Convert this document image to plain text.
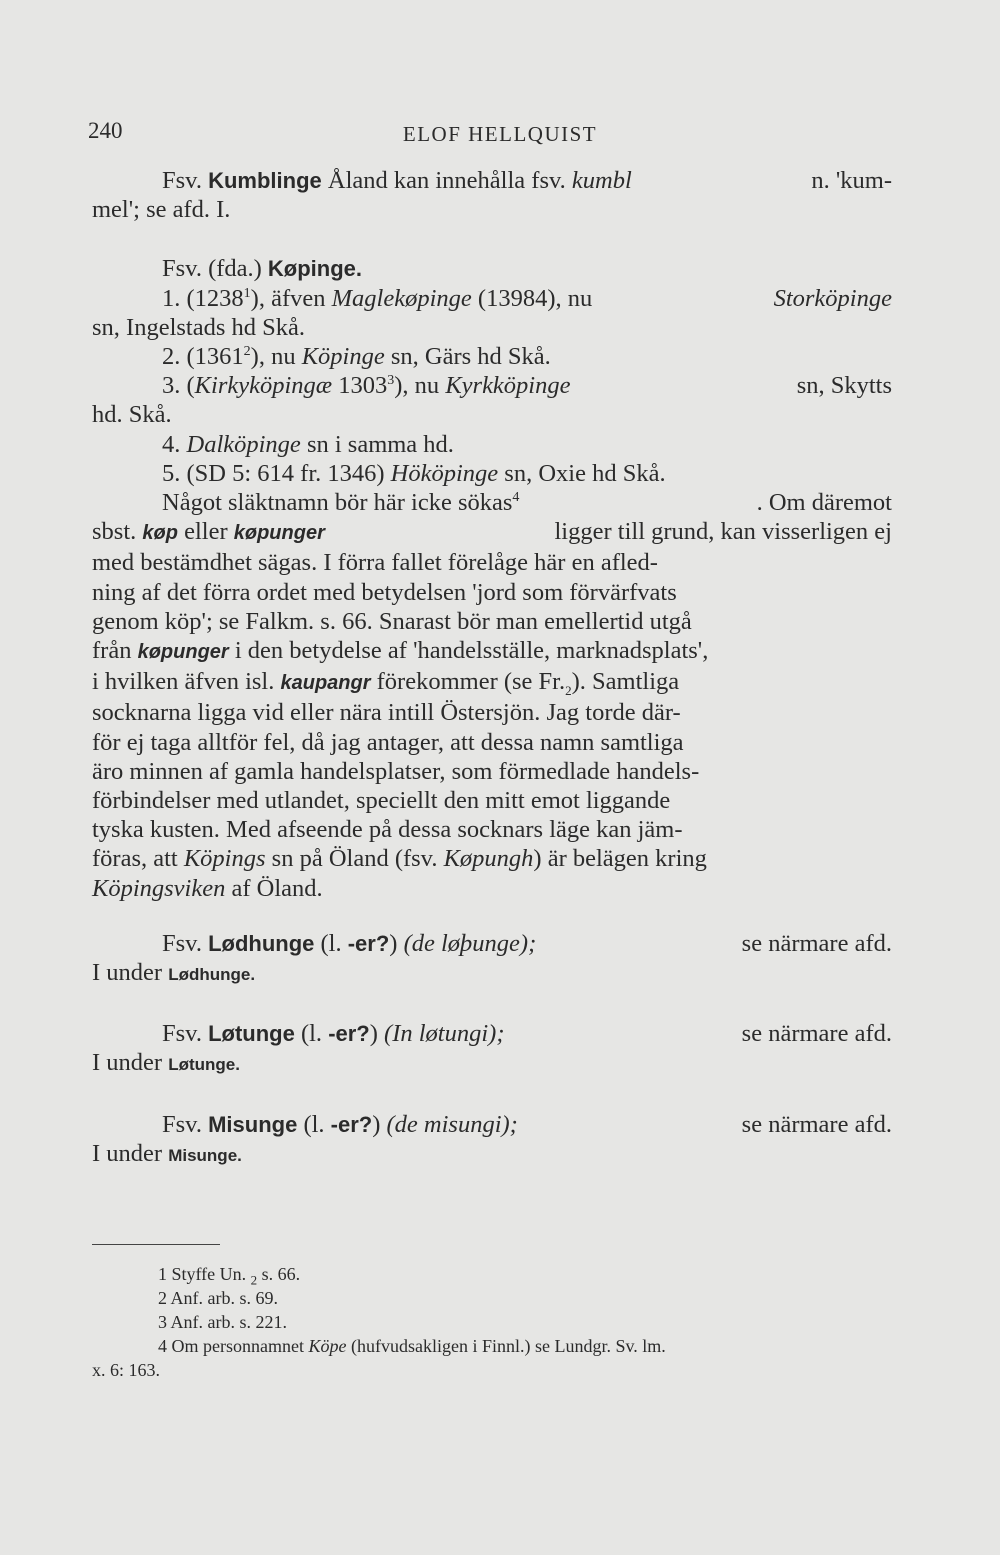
240	ELOF HELLQUIST
Fsv. Kumblinge Åland kan innehålla fsv. kumbl	n. 'kum-
mel'; se afd. I.
Fsv. (fda.) Køpinge.
1. (1238$^1$), äfven Maglekøpinge (13984), nu	Storköpinge
sn, Ingelstads hd Skå.
2. (1361$^2$), nu Köpinge sn, Gärs hd Skå.
3. (Kirkyköpingæ 1303$^3$), nu Kyrkköpinge	sn, Skytts
hd. Skå.
4. Dalköpinge sn i samma hd.
5. (SD 5: 614 fr. 1346) Hököpinge sn, Oxie hd Skå.
Något släktnamn bör här icke sökas$^4$	. Om däremot
sbst. køp eller køpunger	ligger till grund, kan visserligen ej
med bestämdhet sägas. I förra fallet förelåge här en afled-
ning af det förra ordet med betydelsen 'jord som förvärfvats
genom köp'; se Falkm. s. 66. Snarast bör man emellertid utgå
från køpunger i den betydelse af 'handelsställe, marknadsplats',
i hvilken äfven isl. kaupangr förekommer (se $Fr._2$). Samtliga
socknarna ligga vid eller nära intill Östersjön. Jag torde där-
för ej taga alltför fel, då jag antager, att dessa namn samtliga
äro minnen af gamla handelsplatser, som förmedlade handels-
förbindelser med utlandet, speciellt den mitt emot liggande
tyska kusten. Med afseende på dessa socknars läge kan jäm-
föras, att Köpings sn på Öland (fsv. Køpungh) är belägen kring
Köpingsviken af Öland.
Fsv. Lødhunge (l. -er?) (de løþunge);	se närmare afd.
I under Lødhunge.
Fsv. Løtunge (l. -er?) (In løtungi);	se närmare afd.
I under Løtunge.
Fsv. Misunge (l. -er?) (de misungi);	se närmare afd.
I under Misunge.
1 Styffe Un. $_2$ s. 66.
2 Anf. arb. s. 69.
3 Anf. arb. s. 221.
4 Om personnamnet Köpe (hufvudsakligen i Finnl.) se Lundgr. Sv. lm.
x. 6: 163.
